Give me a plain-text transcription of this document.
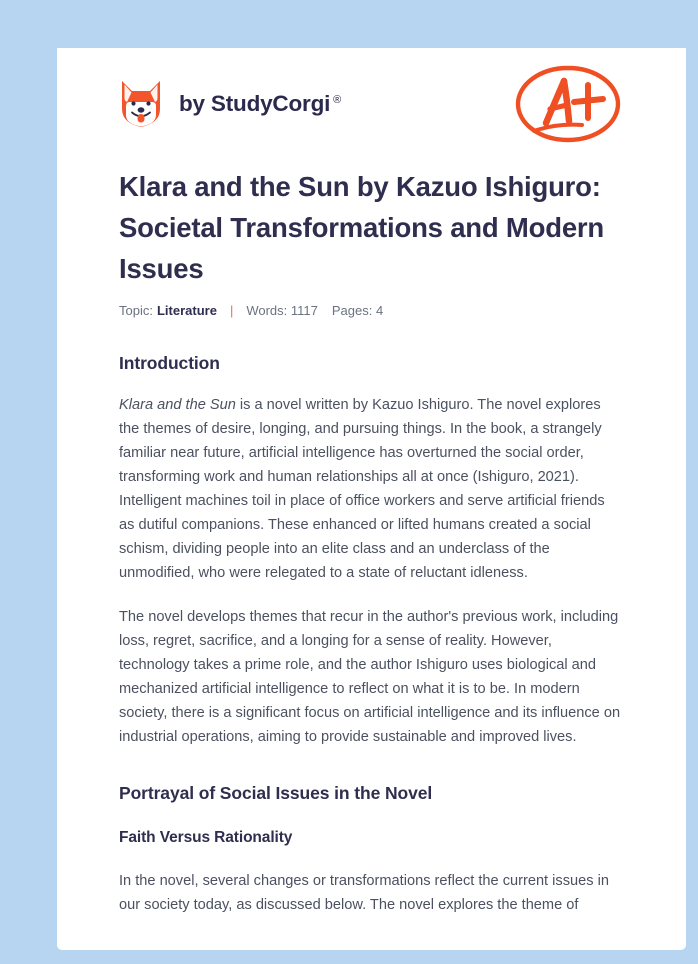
by StudyCorgi ®
Klara and the Sun by Kazuo Ishiguro: Societal Transformations and Modern Issues
Topic: Literature | Words: 1117 Pages: 4
Introduction

Klara and the Sun is a novel written by Kazuo Ishiguro. The novel explores the themes of desire, longing, and pursuing things. In the book, a strangely familiar near future, artificial intelligence has overturned the social order, transforming work and human relationships all at once (Ishiguro, 2021). Intelligent machines toil in place of office workers and serve artificial friends as dutiful companions. These enhanced or lifted humans created a social schism, dividing people into an elite class and an underclass of the unmodified, who were relegated to a state of reluctant idleness.

The novel develops themes that recur in the author's previous work, including loss, regret, sacrifice, and a longing for a sense of reality. However, technology takes a prime role, and the author Ishiguro uses biological and mechanized artificial intelligence to reflect on what it is to be. In modern society, there is a significant focus on artificial intelligence and its influence on industrial operations, aiming to provide sustainable and improved lives.

Portrayal of Social Issues in the Novel
Faith Versus Rationality

In the novel, several changes or transformations reflect the current issues in our society today, as discussed below. The novel explores the theme of
